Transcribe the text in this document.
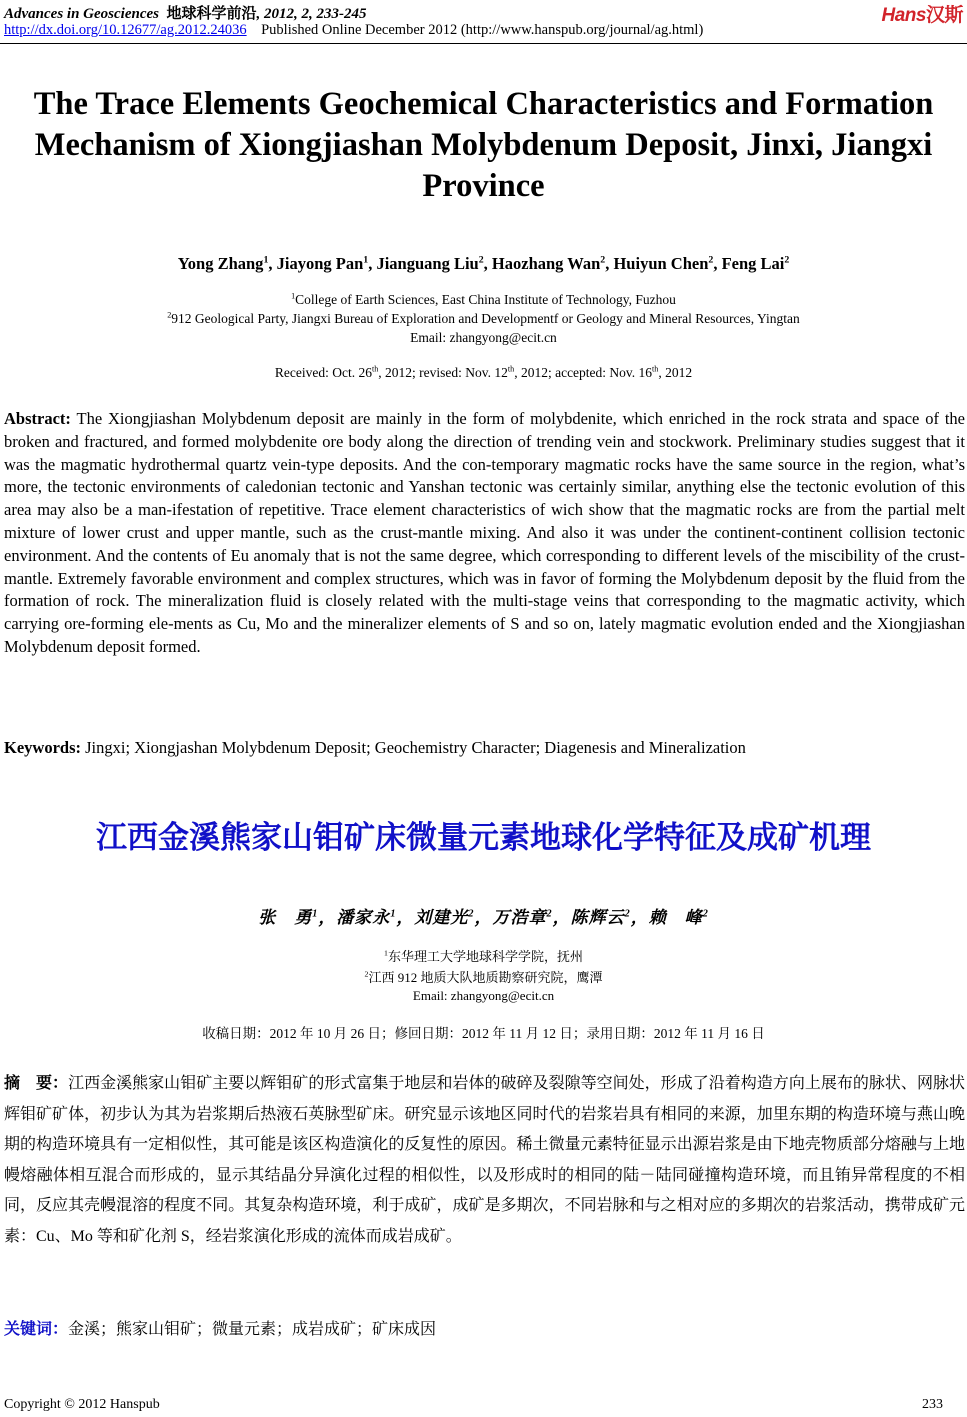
Advances in Geosciences 地球科学前沿, 2012, 2, 233-245	Hans汉斯
http://dx.doi.org/10.12677/ag.2012.24036 Published Online December 2012 (http://www.hanspub.org/journal/ag.html)
The Trace Elements Geochemical Characteristics and Formation Mechanism of Xiongjiashan Molybdenum Deposit, Jinxi, Jiangxi Province
Yong Zhang$^1$, Jiayong Pan$^1$, Jianguang Liu$^2$, Haozhang Wan$^2$, Huiyun Chen$^2$, Feng Lai$^2$
$^1$College of Earth Sciences, East China Institute of Technology, Fuzhou
$^2$912 Geological Party, Jiangxi Bureau of Exploration and Developmentf or Geology and Mineral Resources, Yingtan
Email: zhangyong@ecit.cn
Received: Oct. 26th, 2012; revised: Nov. 12th, 2012; accepted: Nov. 16th, 2012
Abstract: The Xiongjiashan Molybdenum deposit are mainly in the form of molybdenite, which enriched in the rock strata and space of the broken and fractured, and formed molybdenite ore body along the direction of trending vein and stockwork. Preliminary studies suggest that it was the magmatic hydrothermal quartz vein-type deposits. And the con-temporary magmatic rocks have the same source in the region, what’s more, the tectonic environments of caledonian tectonic and Yanshan tectonic was certainly similar, anything else the tectonic evolution of this area may also be a man-ifestation of repetitive. Trace element characteristics of wich show that the magmatic rocks are from the partial melt mixture of lower crust and upper mantle, such as the crust-mantle mixing. And also it was under the continent-continent collision tectonic environment. And the contents of Eu anomaly that is not the same degree, which corresponding to different levels of the miscibility of the crust-mantle. Extremely favorable environment and complex structures, which was in favor of forming the Molybdenum deposit by the fluid from the formation of rock. The mineralization fluid is closely related with the multi-stage veins that corresponding to the magmatic activity, which carrying ore-forming ele-ments as Cu, Mo and the mineralizer elements of S and so on, lately magmatic evolution ended and the Xiongjiashan Molybdenum deposit formed.
Keywords: Jingxi; Xiongjashan Molybdenum Deposit; Geochemistry Character; Diagenesis and Mineralization
江西金溪熊家山钼矿床微量元素地球化学特征及成矿机理
张　勇$^1$，潘家永$^1$，刘建光$^2$，万浩章$^2$，陈辉云$^2$，赖　峰$^2$
$^1$东华理工大学地球科学学院，抚州
$^2$江西 912 地质大队地质勘察研究院，鹰潭
Email: zhangyong@ecit.cn
收稿日期：2012 年 10 月 26 日；修回日期：2012 年 11 月 12 日；录用日期：2012 年 11 月 16 日
摘　要：江西金溪熊家山钼矿主要以辉钼矿的形式富集于地层和岩体的破碎及裂隙等空间处，形成了沿着构造方向上展布的脉状、网脉状辉钼矿矿体，初步认为其为岩浆期后热液石英脉型矿床。研究显示该地区同时代的岩浆岩具有相同的来源，加里东期的构造环境与燕山晚期的构造环境具有一定相似性，其可能是该区构造演化的反复性的原因。稀土微量元素特征显示出源岩浆是由下地壳物质部分熔融与上地幔熔融体相互混合而形成的，显示其结晶分异演化过程的相似性，以及形成时的相同的陆－陆同碰撞构造环境，而且铕异常程度的不相同，反应其壳幔混溶的程度不同。其复杂构造环境，利于成矿，成矿是多期次，不同岩脉和与之相对应的多期次的岩浆活动，携带成矿元素：Cu、Mo 等和矿化剂 S，经岩浆演化形成的流体而成岩成矿。
关键词：金溪；熊家山钼矿；微量元素；成岩成矿；矿床成因
Copyright © 2012 Hanspub	233
